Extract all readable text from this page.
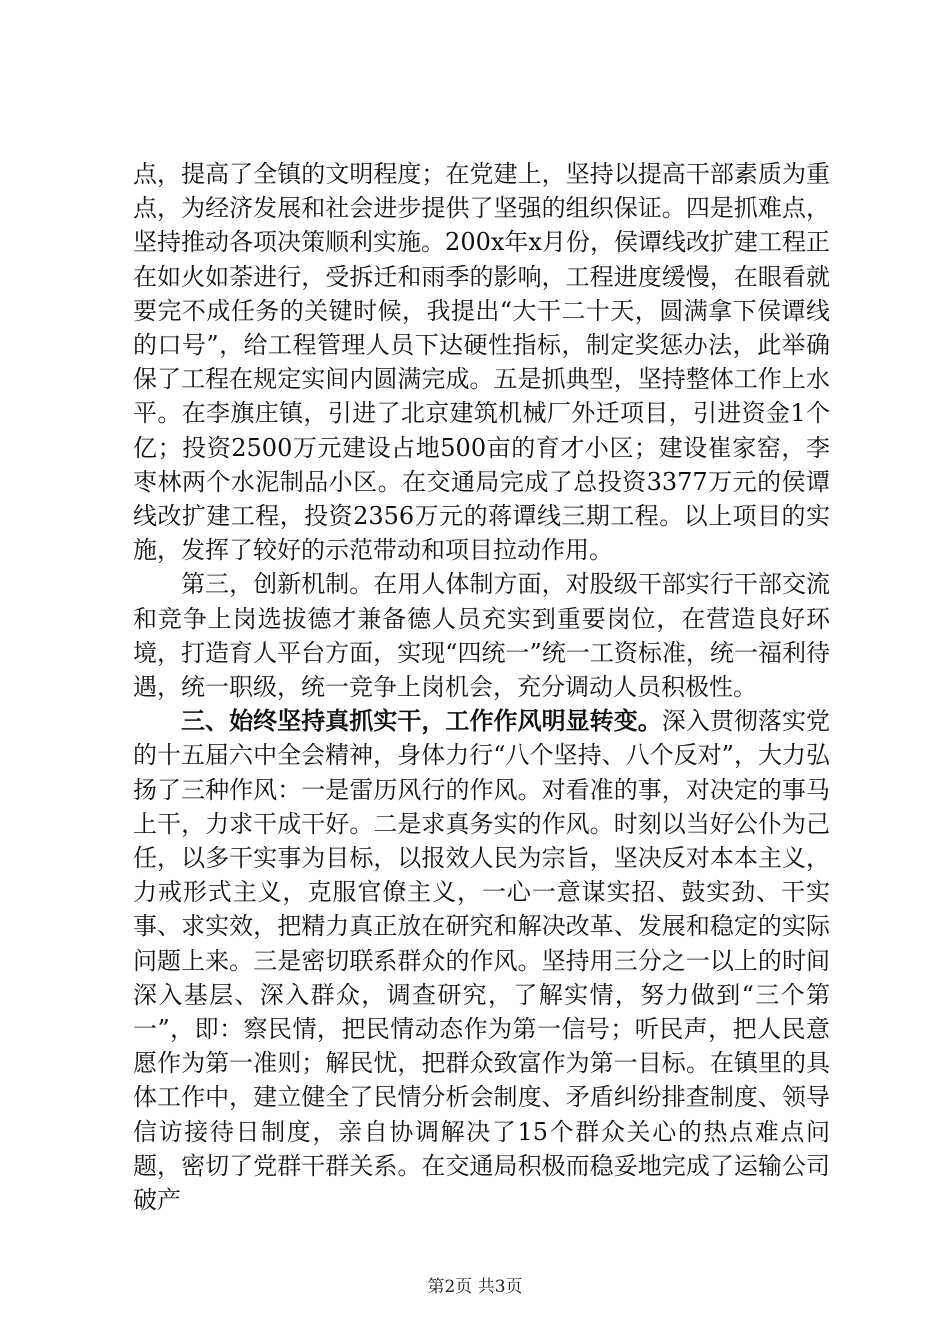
点，提高了全镇的文明程度；在党建上，坚持以提高干部素质为重点，为经济发展和社会进步提供了坚强的组织保证。四是抓难点，坚持推动各项决策顺利实施。200x年x月份，侯谭线改扩建工程正在如火如荼进行，受拆迁和雨季的影响，工程进度缓慢，在眼看就要完不成任务的关键时候，我提出“大干二十天，圆满拿下侯谭线的口号”，给工程管理人员下达硬性指标，制定奖惩办法，此举确保了工程在规定实间内圆满完成。五是抓典型，坚持整体工作上水平。在李旗庄镇，引进了北京建筑机械厂外迁项目，引进资金1个亿；投资2500万元建设占地500亩的育才小区；建设崔家窑，李枣林两个水泥制品小区。在交通局完成了总投资3377万元的侯谭线改扩建工程，投资2356万元的蒋谭线三期工程。以上项目的实施，发挥了较好的示范带动和项目拉动作用。

第三，创新机制。在用人体制方面，对股级干部实行干部交流和竞争上岗选拔德才兼备德人员充实到重要岗位，在营造良好环境，打造育人平台方面，实现“四统一”统一工资标准，统一福利待遇，统一职级，统一竞争上岗机会，充分调动人员积极性。

三、始终坚持真抓实干，工作作风明显转变。深入贯彻落实党的十五届六中全会精神，身体力行“八个坚持、八个反对”，大力弘扬了三种作风：一是雷历风行的作风。对看准的事，对决定的事马上干，力求干成干好。二是求真务实的作风。时刻以当好公仆为己任，以多干实事为目标，以报效人民为宗旨，坚决反对本本主义，力戒形式主义，克服官僚主义，一心一意谋实招、鼓实劲、干实事、求实效，把精力真正放在研究和解决改革、发展和稳定的实际问题上来。三是密切联系群众的作风。坚持用三分之一以上的时间深入基层、深入群众，调查研究，了解实情，努力做到“三个第一”，即：察民情，把民情动态作为第一信号；听民声，把人民意愿作为第一准则；解民忧，把群众致富作为第一目标。在镇里的具体工作中，建立健全了民情分析会制度、矛盾纠纷排查制度、领导信访接待日制度，亲自协调解决了15个群众关心的热点难点问题，密切了党群干群关系。在交通局积极而稳妥地完成了运输公司破产

第2页 共3页
